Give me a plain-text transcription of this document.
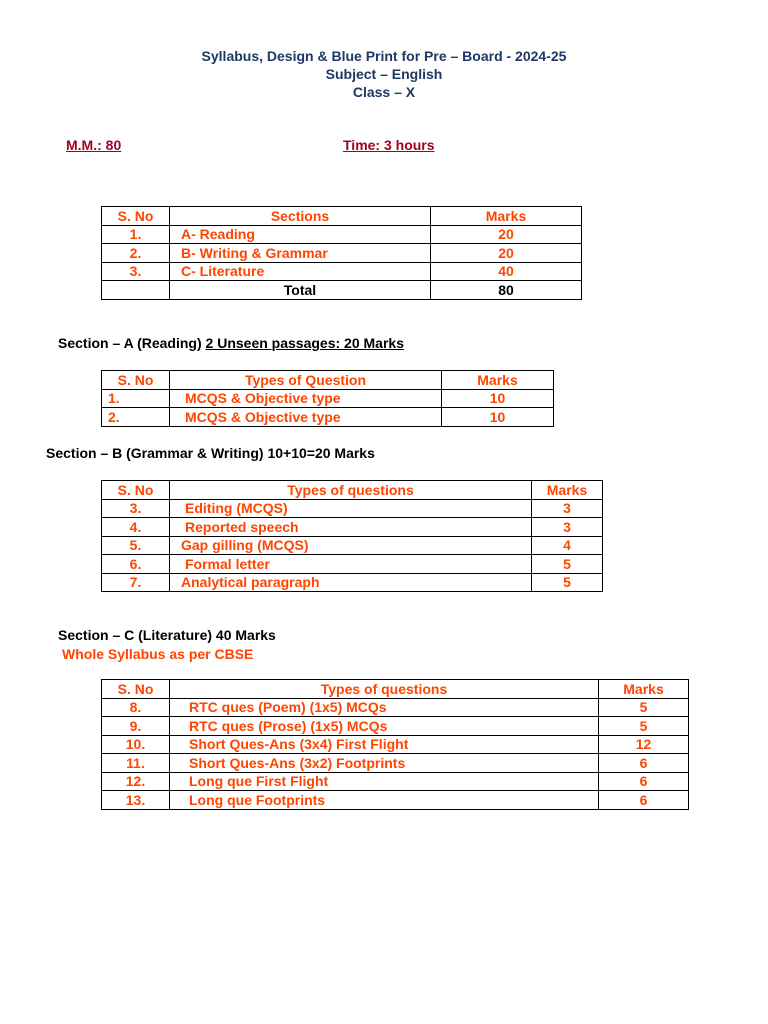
Syllabus, Design & Blue Print for Pre – Board - 2024-25
Subject – English
Class – X
M.M.: 80	Time: 3 hours
S. No	Sections	Marks
1.	A- Reading	20
2.	B- Writing & Grammar	20
3.	C- Literature	40
	Total	80
Section – A (Reading) 2 Unseen passages: 20 Marks
S. No	Types of Question	Marks
1.	MCQS & Objective type	10
2.	MCQS & Objective type	10
Section – B (Grammar & Writing) 10+10=20 Marks
S. No	Types of questions	Marks
3.	Editing (MCQS)	3
4.	Reported speech	3
5.	Gap gilling (MCQS)	4
6.	Formal letter	5
7.	Analytical paragraph	5
Section – C (Literature) 40 Marks
Whole Syllabus as per CBSE
S. No	Types of questions	Marks
8.	RTC ques (Poem) (1x5) MCQs	5
9.	RTC ques (Prose) (1x5) MCQs	5
10.	Short Ques-Ans (3x4) First Flight	12
11.	Short Ques-Ans (3x2) Footprints	6
12.	Long que First Flight	6
13.	Long que Footprints	6
